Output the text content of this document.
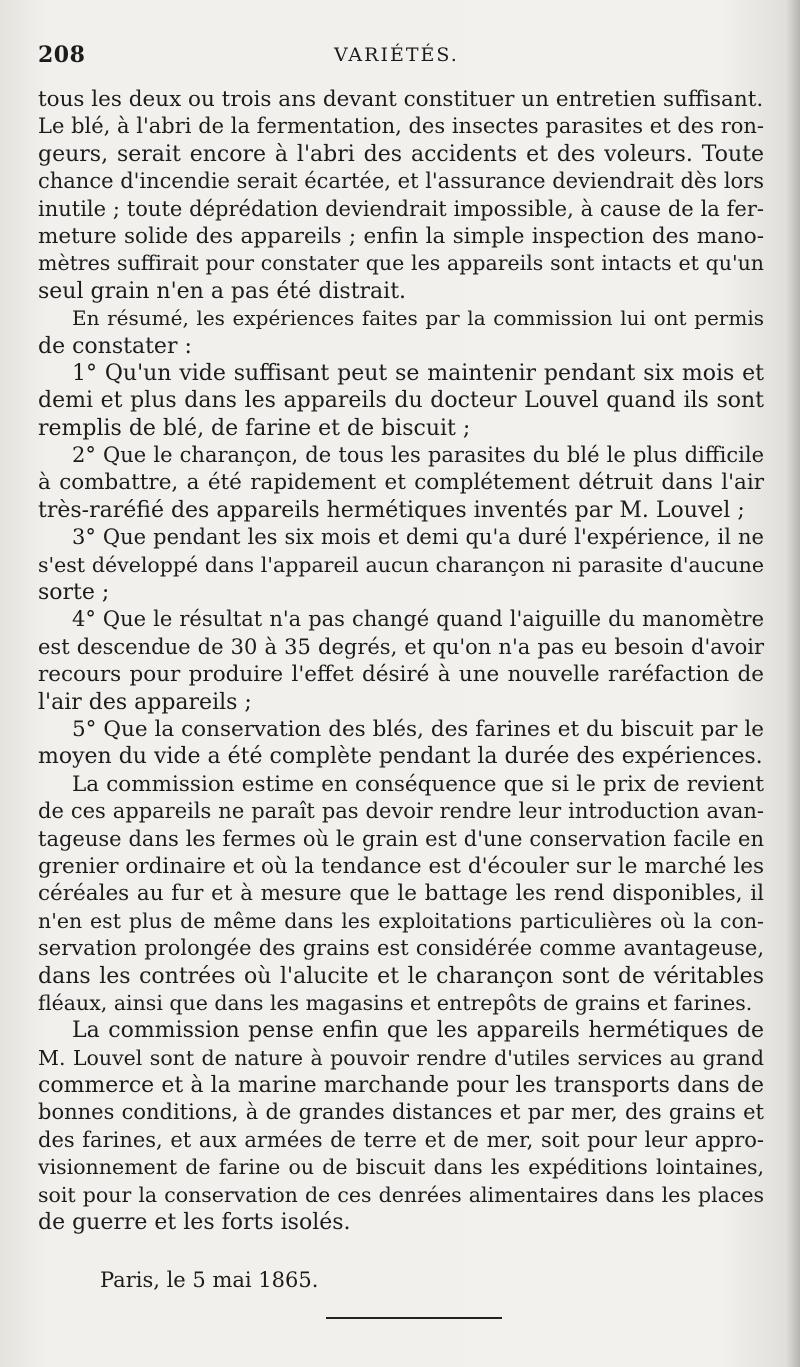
208	VARIÉTÉS.
tous les deux ou trois ans devant constituer un entretien suffisant.
Le blé, à l'abri de la fermentation, des insectes parasites et des ron-
geurs, serait encore à l'abri des accidents et des voleurs. Toute
chance d'incendie serait écartée, et l'assurance deviendrait dès lors
inutile ; toute déprédation deviendrait impossible, à cause de la fer-
meture solide des appareils ; enfin la simple inspection des mano-
mètres suffirait pour constater que les appareils sont intacts et qu'un
seul grain n'en a pas été distrait.
En résumé, les expériences faites par la commission lui ont permis
de constater :
1° Qu'un vide suffisant peut se maintenir pendant six mois et
demi et plus dans les appareils du docteur Louvel quand ils sont
remplis de blé, de farine et de biscuit ;
2° Que le charançon, de tous les parasites du blé le plus difficile
à combattre, a été rapidement et complétement détruit dans l'air
très-raréfié des appareils hermétiques inventés par M. Louvel ;
3° Que pendant les six mois et demi qu'a duré l'expérience, il ne
s'est développé dans l'appareil aucun charançon ni parasite d'aucune
sorte ;
4° Que le résultat n'a pas changé quand l'aiguille du manomètre
est descendue de 30 à 35 degrés, et qu'on n'a pas eu besoin d'avoir
recours pour produire l'effet désiré à une nouvelle raréfaction de
l'air des appareils ;
5° Que la conservation des blés, des farines et du biscuit par le
moyen du vide a été complète pendant la durée des expériences.
La commission estime en conséquence que si le prix de revient
de ces appareils ne paraît pas devoir rendre leur introduction avan-
tageuse dans les fermes où le grain est d'une conservation facile en
grenier ordinaire et où la tendance est d'écouler sur le marché les
céréales au fur et à mesure que le battage les rend disponibles, il
n'en est plus de même dans les exploitations particulières où la con-
servation prolongée des grains est considérée comme avantageuse,
dans les contrées où l'alucite et le charançon sont de véritables
fléaux, ainsi que dans les magasins et entrepôts de grains et farines.
La commission pense enfin que les appareils hermétiques de
M. Louvel sont de nature à pouvoir rendre d'utiles services au grand
commerce et à la marine marchande pour les transports dans de
bonnes conditions, à de grandes distances et par mer, des grains et
des farines, et aux armées de terre et de mer, soit pour leur appro-
visionnement de farine ou de biscuit dans les expéditions lointaines,
soit pour la conservation de ces denrées alimentaires dans les places
de guerre et les forts isolés.
Paris, le 5 mai 1865.
